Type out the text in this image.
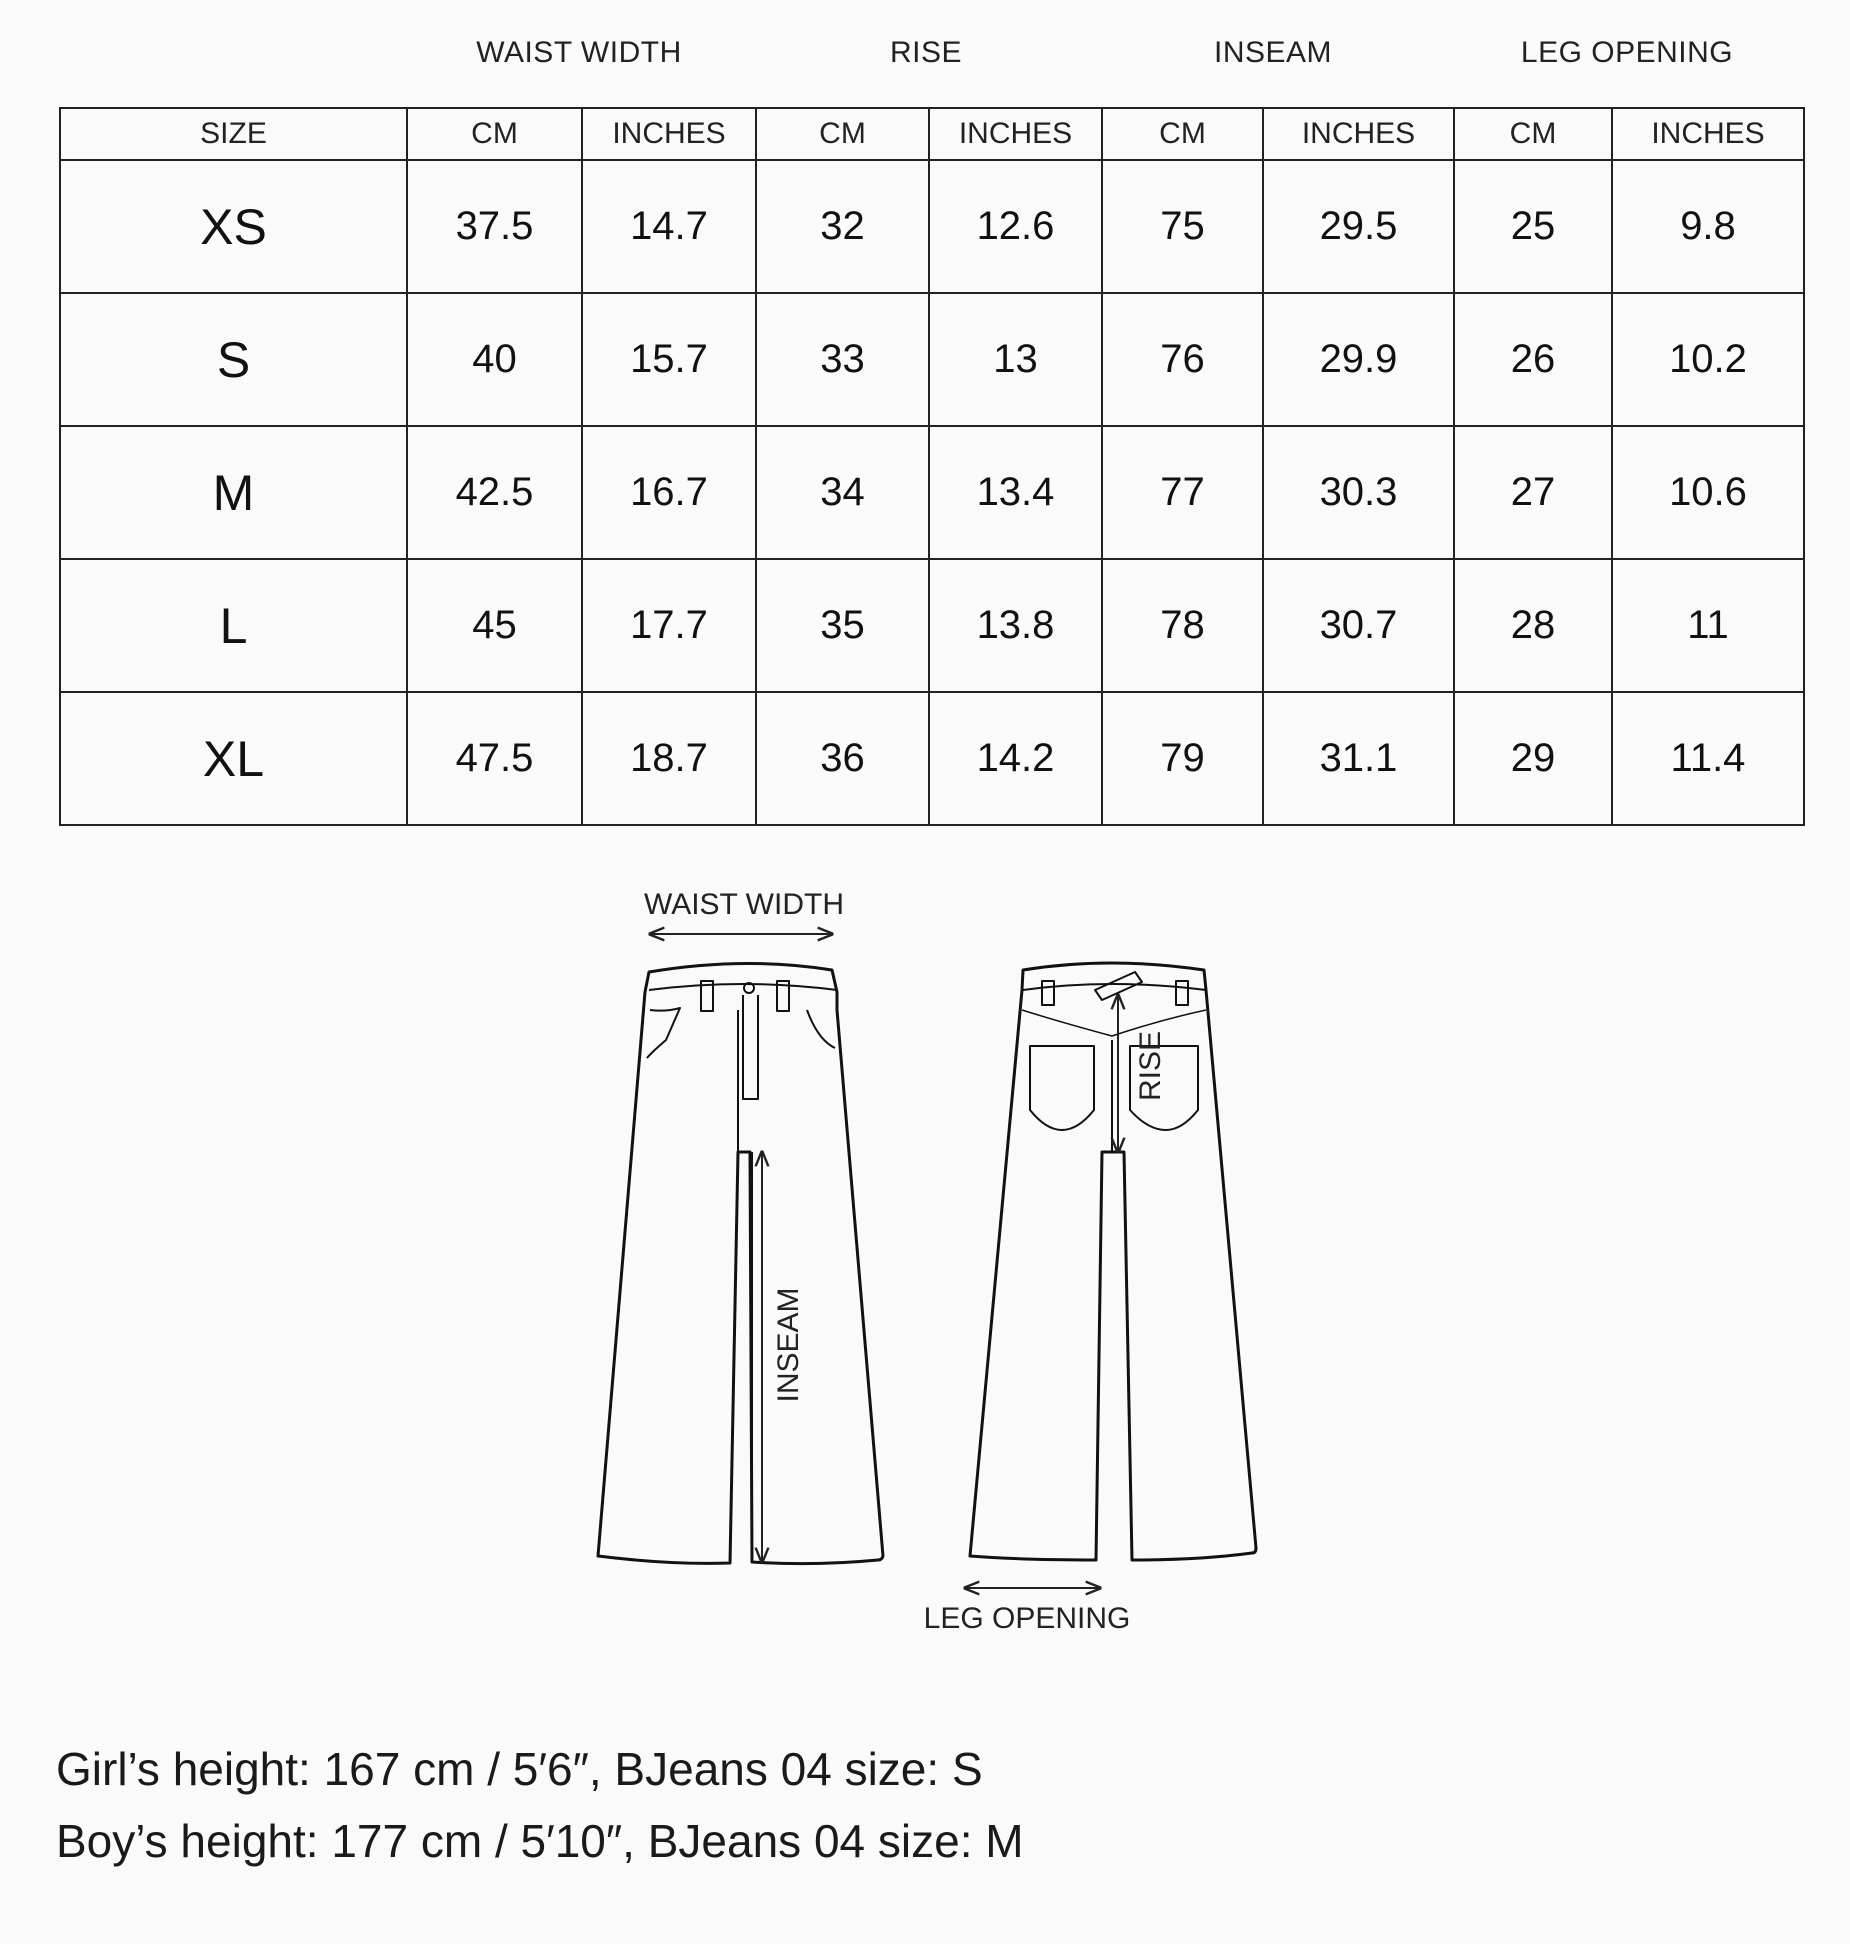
WAIST WIDTH	RISE	INSEAM	LEG OPENING
SIZE	CM	INCHES	CM	INCHES	CM	INCHES	CM	INCHES
XS	37.5	14.7	32	12.6	75	29.5	25	9.8
S	40	15.7	33	13	76	29.9	26	10.2
M	42.5	16.7	34	13.4	77	30.3	27	10.6
L	45	17.7	35	13.8	78	30.7	28	11
XL	47.5	18.7	36	14.2	79	31.1	29	11.4
WAIST WIDTH
INSEAM
RISE
LEG OPENING
Girl’s height: 167 cm / 5′6″, BJeans 04 size: S
Boy’s height: 177 cm / 5′10″, BJeans 04 size: M
